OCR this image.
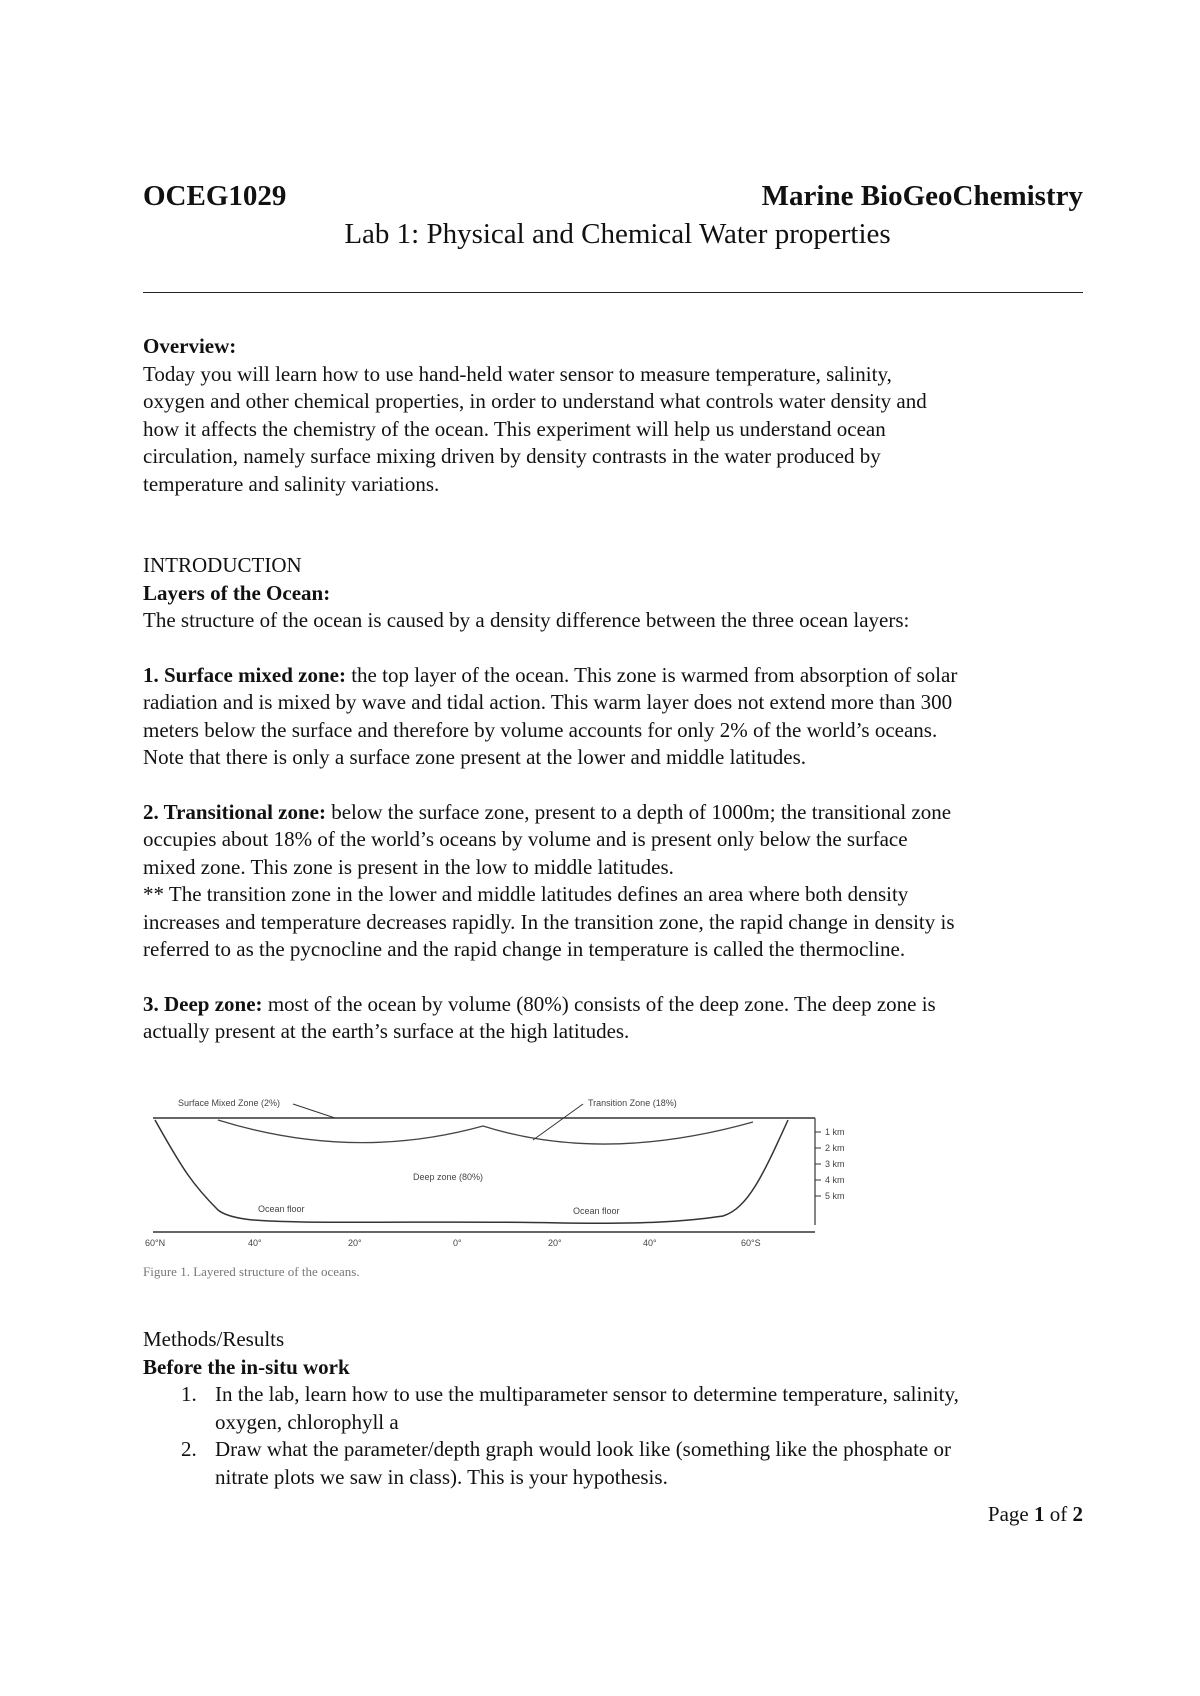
OCEG1029	Marine BioGeoChemistry
Lab 1: Physical and Chemical Water properties

Overview:

Today you will learn how to use hand-held water sensor to measure temperature, salinity,

oxygen and other chemical properties, in order to understand what controls water density and

how it affects the chemistry of the ocean. This experiment will help us understand ocean

circulation, namely surface mixing driven by density contrasts in the water produced by

temperature and salinity variations.

INTRODUCTION

Layers of the Ocean:

The structure of the ocean is caused by a density difference between the three ocean layers:

1. Surface mixed zone: the top layer of the ocean. This zone is warmed from absorption of solar

radiation and is mixed by wave and tidal action. This warm layer does not extend more than 300

meters below the surface and therefore by volume accounts for only 2% of the world’s oceans.

Note that there is only a surface zone present at the lower and middle latitudes.

2. Transitional zone: below the surface zone, present to a depth of 1000m; the transitional zone

occupies about 18% of the world’s oceans by volume and is present only below the surface

mixed zone. This zone is present in the low to middle latitudes.

** The transition zone in the lower and middle latitudes defines an area where both density

increases and temperature decreases rapidly. In the transition zone, the rapid change in density is

referred to as the pycnocline and the rapid change in temperature is called the thermocline.

3. Deep zone: most of the ocean by volume (80%) consists of the deep zone. The deep zone is

actually present at the earth’s surface at the high latitudes.

1 km
2 km
3 km
4 km
5 km
60°N	40°	20°	0°	20°	40°	60°S
Surface Mixed Zone (2%)	Transition Zone (18%)
Deep zone (80%)
Ocean floor	Ocean floor
Figure 1. Layered structure of the oceans.

Methods/Results

Before the in-situ work

1. In the lab, learn how to use the multiparameter sensor to determine temperature, salinity,
oxygen, chlorophyll a
2. Draw what the parameter/depth graph would look like (something like the phosphate or
nitrate plots we saw in class). This is your hypothesis.
Page 1 of 2
